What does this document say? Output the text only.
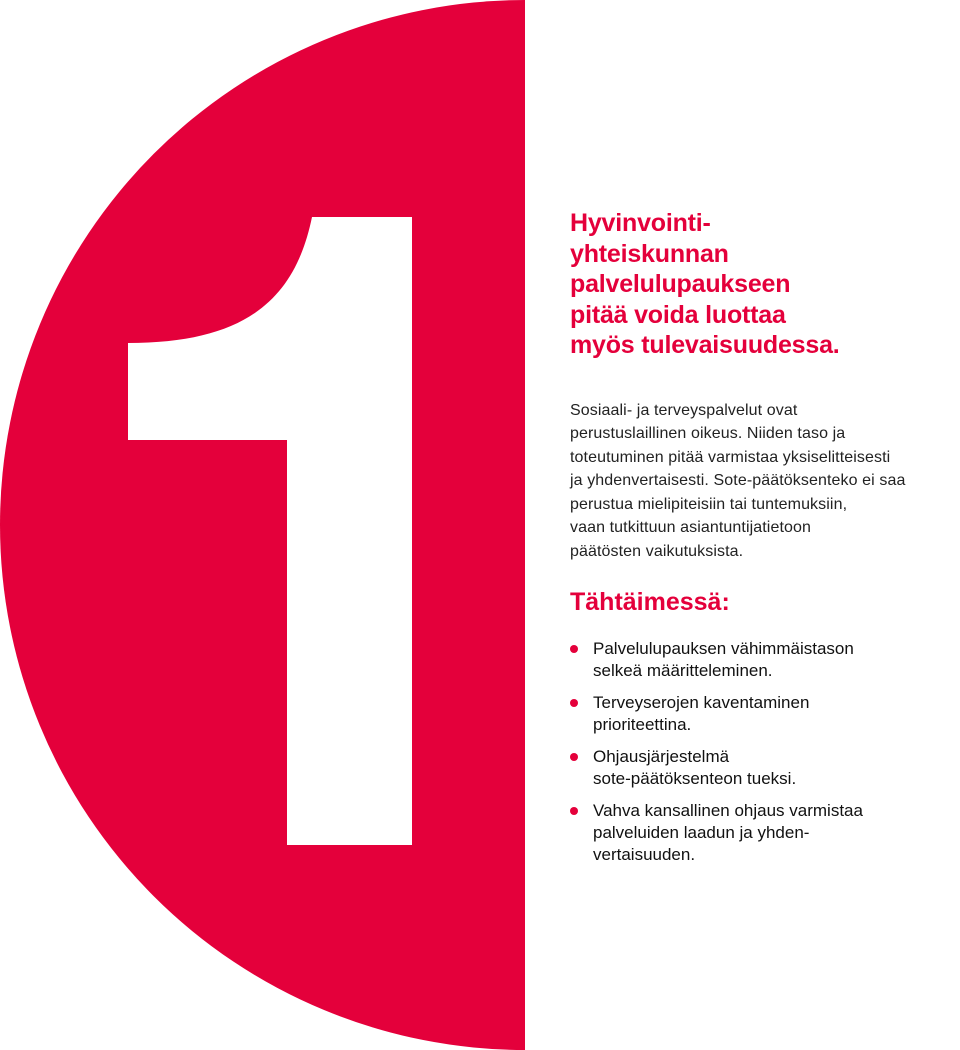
Hyvinvointi-
yhteiskunnan
palvelulupaukseen
pitää voida luottaa
myös tulevaisuudessa.

Sosiaali- ja terveyspalvelut ovat
perustuslaillinen oikeus. Niiden taso ja
toteutuminen pitää varmistaa yksiselitteisesti
ja yhdenvertaisesti. Sote-päätöksenteko ei saa
perustua mielipiteisiin tai tuntemuksiin,
vaan tutkittuun asiantuntijatietoon
päätösten vaikutuksista.

Tähtäimessä:
Palvelulupauksen vähimmäistason
selkeä määritteleminen.
Terveyserojen kaventaminen
prioriteettina.
Ohjausjärjestelmä
sote-päätöksenteon tueksi.
Vahva kansallinen ohjaus varmistaa
palveluiden laadun ja yhden-
vertaisuuden.
